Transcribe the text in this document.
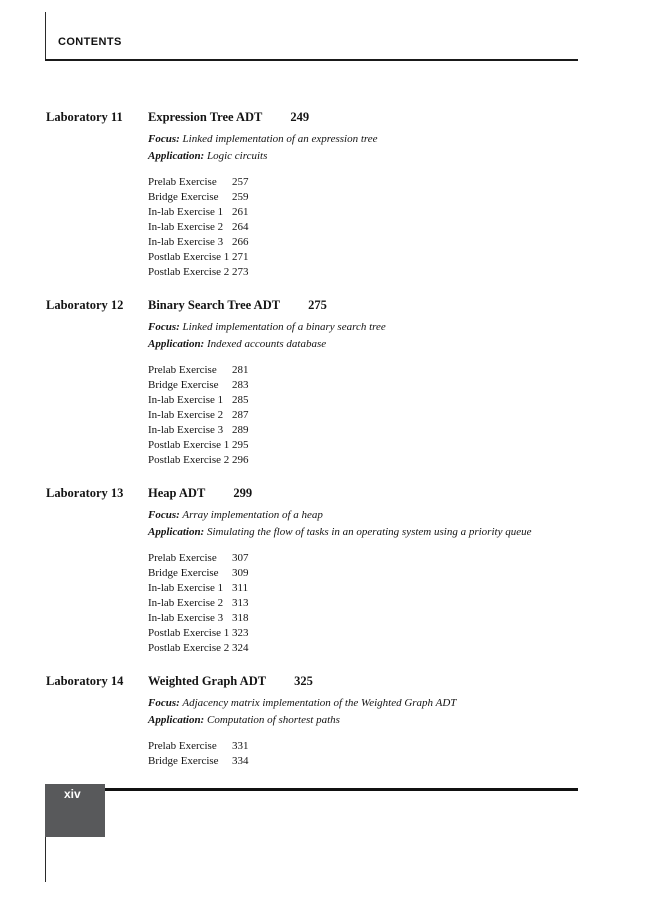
CONTENTS
Laboratory 11	Expression Tree ADT 249
Focus: Linked implementation of an expression tree
Application: Logic circuits
Prelab Exercise 257
Bridge Exercise 259
In-lab Exercise 1 261
In-lab Exercise 2 264
In-lab Exercise 3 266
Postlab Exercise 1 271
Postlab Exercise 2 273
Laboratory 12	Binary Search Tree ADT 275
Focus: Linked implementation of a binary search tree
Application: Indexed accounts database
Prelab Exercise 281
Bridge Exercise 283
In-lab Exercise 1 285
In-lab Exercise 2 287
In-lab Exercise 3 289
Postlab Exercise 1 295
Postlab Exercise 2 296
Laboratory 13	Heap ADT 299
Focus: Array implementation of a heap
Application: Simulating the flow of tasks in an operating system using a priority queue
Prelab Exercise 307
Bridge Exercise 309
In-lab Exercise 1 311
In-lab Exercise 2 313
In-lab Exercise 3 318
Postlab Exercise 1 323
Postlab Exercise 2 324
Laboratory 14	Weighted Graph ADT 325
Focus: Adjacency matrix implementation of the Weighted Graph ADT
Application: Computation of shortest paths
Prelab Exercise 331
Bridge Exercise 334
xiv
